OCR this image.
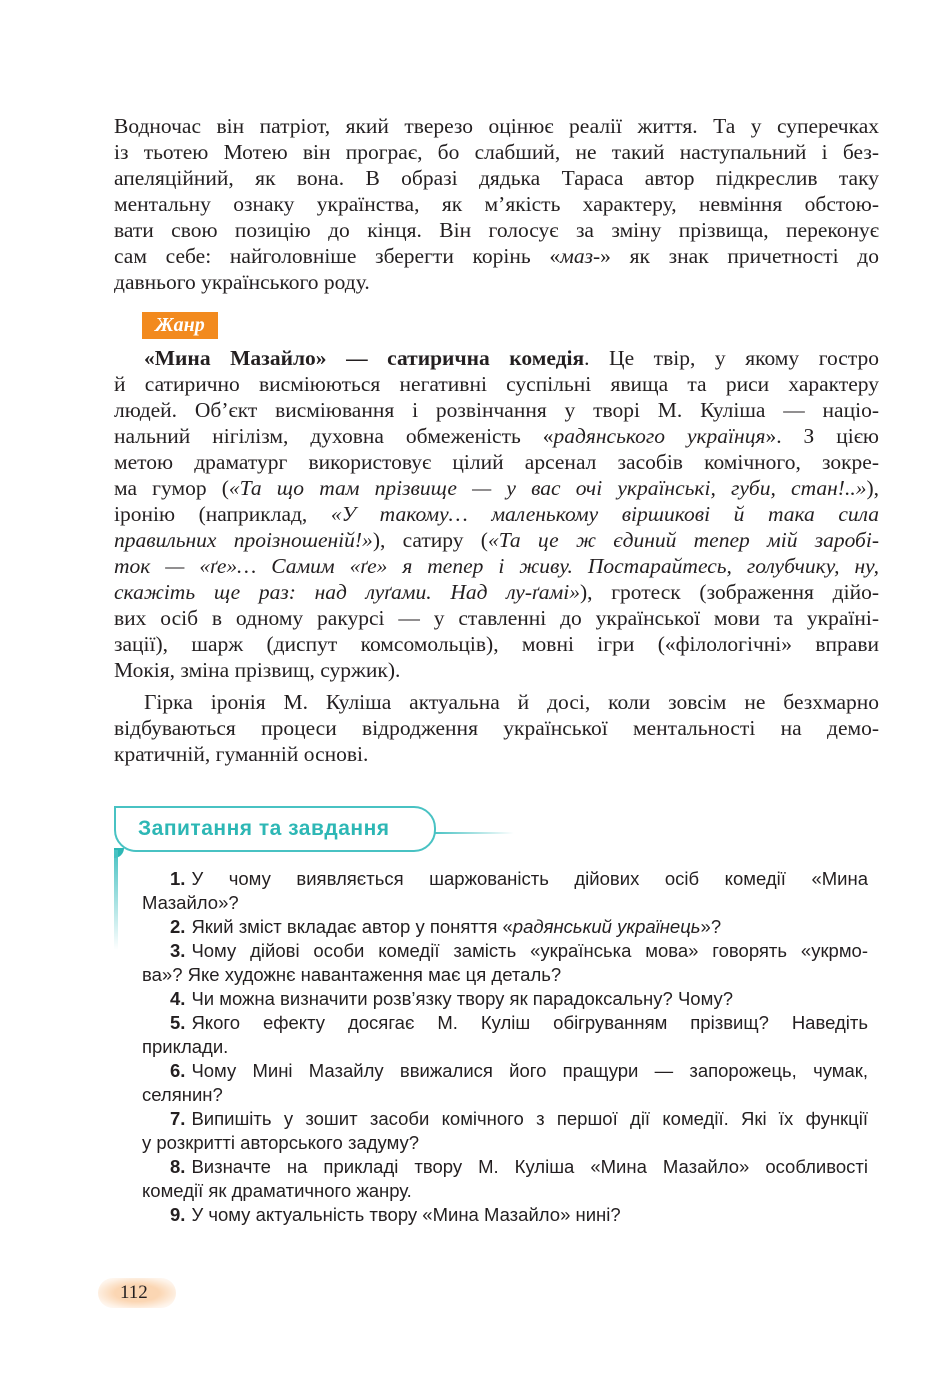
Водночас він патріот, який тверезо оцінює реалії життя. Та у суперечках
із тьотею Мотею він програє, бо слабший, не такий наступальний і без-
апеляційний, як вона. В образі дядька Тараса автор підкреслив таку
ментальну ознаку українства, як м’якість характеру, невміння обстою-
вати свою позицію до кінця. Він голосує за зміну прізвища, переконує
сам себе: найголовніше зберегти корінь «маз-» як знак причетності до
давнього українського роду.
Жанр
«Мина Мазайло» — сатирична комедія. Це твір, у якому гостро
й сатирично висміюються негативні суспільні явища та риси характеру
людей. Об’єкт висміювання і розвінчання у творі М. Куліша — націо-
нальний нігілізм, духовна обмеженість «радянського українця». З цією
метою драматург використовує цілий арсенал засобів комічного, зокре-
ма гумор («Та що там прізвище — у вас очі українські, губи, стан!..»),
іронію (наприклад, «У такому… маленькому віршикові й така сила
правильних проізношеній!»), сатиру («Та це ж єдиний тепер мій заробі-
ток — «ґе»… Самим «ґе» я тепер і живу. Постарайтесь, голубчику, ну,
скажіть ще раз: над луґами. Над лу-ґамі»), гротеск (зображення дійо-
вих осіб в одному ракурсі — у ставленні до української мови та україні-
зації), шарж (диспут комсомольців), мовні ігри («філологічні» вправи
Мокія, зміна прізвищ, суржик).
Гірка іронія М. Куліша актуальна й досі, коли зовсім не безхмарно
відбуваються процеси відродження української ментальності на демо-
кратичній, гуманній основі.
Запитання та завдання
1. У чому виявляється шаржованість дійових осіб комедії «Мина
Мазайло»?
2. Який зміст вкладає автор у поняття «радянський українець»?
3. Чому дійові особи комедії замість «українська мова» говорять «укрмо-
ва»? Яке художнє навантаження має ця деталь?
4. Чи можна визначити розв’язку твору як парадоксальну? Чому?
5. Якого ефекту досягає М. Куліш обігруванням прізвищ? Наведіть
приклади.
6. Чому Мині Мазайлу ввижалися його пращури — запорожець, чумак,
селянин?
7. Випишіть у зошит засоби комічного з першої дії комедії. Які їх функції
у розкритті авторського задуму?
8. Визначте на прикладі твору М. Куліша «Мина Мазайло» особливості
комедії як драматичного жанру.
9. У чому актуальність твору «Мина Мазайло» нині?
112
